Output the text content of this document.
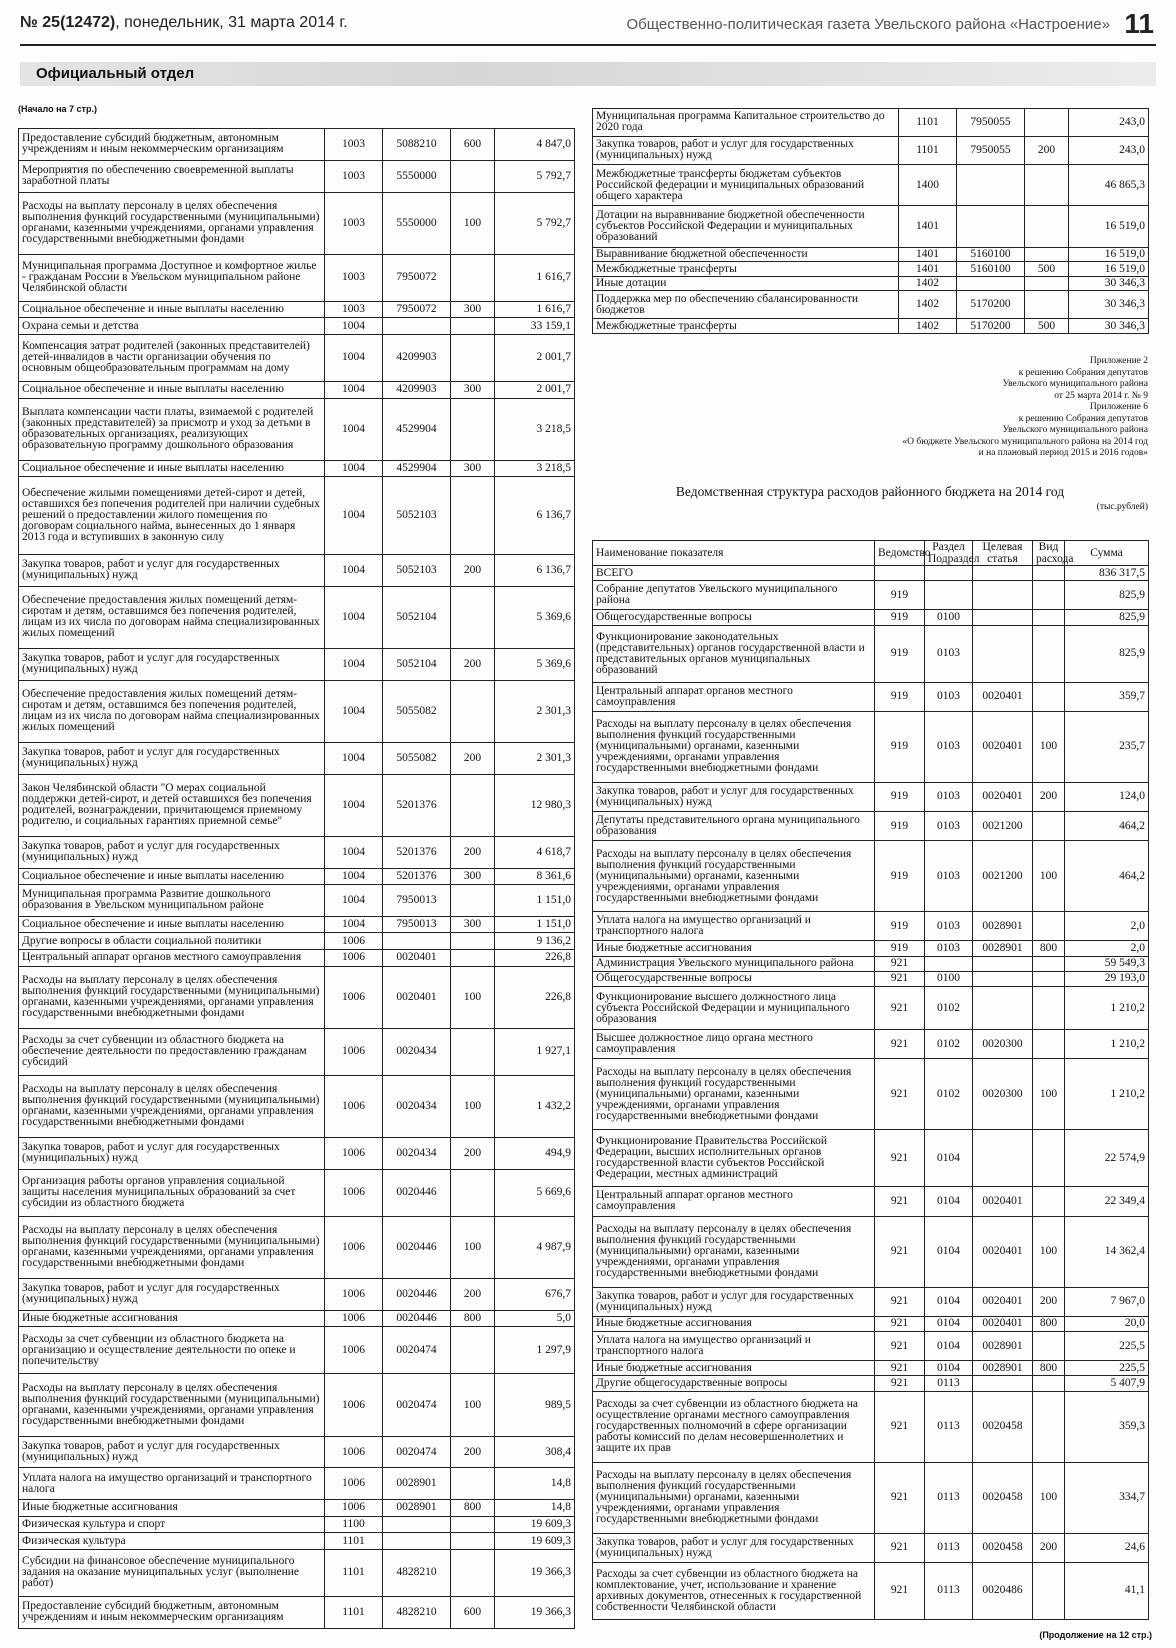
№ 25(12472), понедельник, 31 марта 2014 г.	Общественно-политическая газета Увельского района «Настроение» 11
Официальный отдел
(Начало на 7 стр.)
Предоставление субсидий бюджетным, автономным учреждениям и иным некоммерческим организациям	1003	5088210	600	4 847,0
Мероприятия по обеспечению своевременной выплаты заработной платы	1003	5550000		5 792,7
Расходы на выплату персоналу в целях обеспечения выполнения функций государственными (муниципальными) органами, казенными учреждениями, органами управления государственными внебюджетными фондами	1003	5550000	100	5 792,7
Муниципальная программа Доступное и комфортное жилье - гражданам России в Увельском муниципальном районе Челябинской области	1003	7950072		1 616,7
Социальное обеспечение и иные выплаты населению	1003	7950072	300	1 616,7
Охрана семьи и детства	1004			33 159,1
Компенсация затрат родителей (законных представителей) детей-инвалидов в части организации обучения по основным общеобразовательным программам на дому	1004	4209903		2 001,7
Социальное обеспечение и иные выплаты населению	1004	4209903	300	2 001,7
Выплата компенсации части платы, взимаемой с родителей (законных представителей) за присмотр и уход за детьми в образовательных организациях, реализующих образовательную программу дошкольного образования	1004	4529904		3 218,5
Социальное обеспечение и иные выплаты населению	1004	4529904	300	3 218,5
Обеспечение жилыми помещениями детей-сирот и детей, оставшихся без попечения родителей при наличии судебных решений о предоставлении жилого помещения по договорам социального найма, вынесенных до 1 января 2013 года и вступивших в законную силу	1004	5052103		6 136,7
Закупка товаров, работ и услуг для государственных (муниципальных) нужд	1004	5052103	200	6 136,7
Обеспечение предоставления жилых помещений детям-сиротам и детям, оставшимся без попечения родителей, лицам из их числа по договорам найма специализированных жилых помещений	1004	5052104		5 369,6
Закупка товаров, работ и услуг для государственных (муниципальных) нужд	1004	5052104	200	5 369,6
Обеспечение предоставления жилых помещений детям-сиротам и детям, оставшимся без попечения родителей, лицам из их числа по договорам найма специализированных жилых помещений	1004	5055082		2 301,3
Закупка товаров, работ и услуг для государственных (муниципальных) нужд	1004	5055082	200	2 301,3
Закон Челябинской области "О мерах социальной поддержки детей-сирот, и детей оставшихся без попечения родителей, вознаграждении, причитающемся приемному родителю, и социальных гарантиях приемной семье"	1004	5201376		12 980,3
Закупка товаров, работ и услуг для государственных (муниципальных) нужд	1004	5201376	200	4 618,7
Социальное обеспечение и иные выплаты населению	1004	5201376	300	8 361,6
Муниципальная программа Развитие дошкольного образования в Увельском муниципальном районе	1004	7950013		1 151,0
Социальное обеспечение и иные выплаты населению	1004	7950013	300	1 151,0
Другие вопросы в области социальной политики	1006			9 136,2
Центральный аппарат органов местного самоуправления	1006	0020401		226,8
Расходы на выплату персоналу в целях обеспечения выполнения функций государственными (муниципальными) органами, казенными учреждениями, органами управления государственными внебюджетными фондами	1006	0020401	100	226,8
Расходы за счет субвенции из областного бюджета на обеспечение деятельности по предоставлению гражданам субсидий	1006	0020434		1 927,1
Расходы на выплату персоналу в целях обеспечения выполнения функций государственными (муниципальными) органами, казенными учреждениями, органами управления государственными внебюджетными фондами	1006	0020434	100	1 432,2
Закупка товаров, работ и услуг для государственных (муниципальных) нужд	1006	0020434	200	494,9
Организация работы органов управления социальной защиты населения муниципальных образований за счет субсидии из областного бюджета	1006	0020446		5 669,6
Расходы на выплату персоналу в целях обеспечения выполнения функций государственными (муниципальными) органами, казенными учреждениями, органами управления государственными внебюджетными фондами	1006	0020446	100	4 987,9
Закупка товаров, работ и услуг для государственных (муниципальных) нужд	1006	0020446	200	676,7
Иные бюджетные ассигнования	1006	0020446	800	5,0
Расходы за счет субвенции из областного бюджета на организацию и осуществление деятельности по опеке и попечительству	1006	0020474		1 297,9
Расходы на выплату персоналу в целях обеспечения выполнения функций государственными (муниципальными) органами, казенными учреждениями, органами управления государственными внебюджетными фондами	1006	0020474	100	989,5
Закупка товаров, работ и услуг для государственных (муниципальных) нужд	1006	0020474	200	308,4
Уплата налога на имущество организаций и транспортного налога	1006	0028901		14,8
Иные бюджетные ассигнования	1006	0028901	800	14,8
Физическая культура и спорт	1100			19 609,3
Физическая культура	1101			19 609,3
Субсидии на финансовое обеспечение муниципального задания на оказание муниципальных услуг (выполнение работ)	1101	4828210		19 366,3
Предоставление субсидий бюджетным, автономным учреждениям и иным некоммерческим организациям	1101	4828210	600	19 366,3
Муниципальная программа Капитальное строительство до 2020 года	1101	7950055		243,0
Закупка товаров, работ и услуг для государственных (муниципальных) нужд	1101	7950055	200	243,0
Межбюджетные трансферты бюджетам субъектов Российской федерации и муниципальных образований общего характера	1400			46 865,3
Дотации на выравнивание бюджетной обеспеченности субъектов Российской Федерации и муниципальных образований	1401			16 519,0
Выравнивание бюджетной обеспеченности	1401	5160100		16 519,0
Межбюджетные трансферты	1401	5160100	500	16 519,0
Иные дотации	1402			30 346,3
Поддержка мер по обеспечению сбалансированности бюджетов	1402	5170200		30 346,3
Межбюджетные трансферты	1402	5170200	500	30 346,3
Приложение 2
к решению Собрания депутатов
Увельского муниципального района
от 25 марта 2014 г. № 9
Приложение 6
к решению Собрания депутатов
Увельского муниципального района
«О бюджете Увельского муниципального района на 2014 год
и на плановый период 2015 и 2016 годов»
Ведомственная структура расходов районного бюджета на 2014 год
(тыс.рублей)
Наименование показателя	Ведомство	Раздел Подраздел	Целевая статья	Вид расхода	Сумма
ВСЕГО					836 317,5
Собрание депутатов Увельского муниципального района	919				825,9
Общегосударственные вопросы	919	0100			825,9
Функционирование законодательных (представительных) органов государственной власти и представительных органов муниципальных образований	919	0103			825,9
Центральный аппарат органов местного самоуправления	919	0103	0020401		359,7
Расходы на выплату персоналу в целях обеспечения выполнения функций государственными (муниципальными) органами, казенными учреждениями, органами управления государственными внебюджетными фондами	919	0103	0020401	100	235,7
Закупка товаров, работ и услуг для государственных (муниципальных) нужд	919	0103	0020401	200	124,0
Депутаты представительного органа муниципального образования	919	0103	0021200		464,2
Расходы на выплату персоналу в целях обеспечения выполнения функций государственными (муниципальными) органами, казенными учреждениями, органами управления государственными внебюджетными фондами	919	0103	0021200	100	464,2
Уплата налога на имущество организаций и транспортного налога	919	0103	0028901		2,0
Иные бюджетные ассигнования	919	0103	0028901	800	2,0
Администрация Увельского муниципального района	921				59 549,3
Общегосударственные вопросы	921	0100			29 193,0
Функционирование высшего должностного лица субъекта Российской Федерации и муниципального образования	921	0102			1 210,2
Высшее должностное лицо органа местного самоуправления	921	0102	0020300		1 210,2
Расходы на выплату персоналу в целях обеспечения выполнения функций государственными (муниципальными) органами, казенными учреждениями, органами управления государственными внебюджетными фондами	921	0102	0020300	100	1 210,2
Функционирование Правительства Российской Федерации, высших исполнительных органов государственной власти субъектов Российской Федерации, местных администраций	921	0104			22 574,9
Центральный аппарат органов местного самоуправления	921	0104	0020401		22 349,4
Расходы на выплату персоналу в целях обеспечения выполнения функций государственными (муниципальными) органами, казенными учреждениями, органами управления государственными внебюджетными фондами	921	0104	0020401	100	14 362,4
Закупка товаров, работ и услуг для государственных (муниципальных) нужд	921	0104	0020401	200	7 967,0
Иные бюджетные ассигнования	921	0104	0020401	800	20,0
Уплата налога на имущество организаций и транспортного налога	921	0104	0028901		225,5
Иные бюджетные ассигнования	921	0104	0028901	800	225,5
Другие общегосударственные вопросы	921	0113			5 407,9
Расходы за счет субвенции из областного бюджета на осуществление органами местного самоуправления государственных полномочий в сфере организации работы комиссий по делам несовершеннолетних и защите их прав	921	0113	0020458		359,3
Расходы на выплату персоналу в целях обеспечения выполнения функций государственными (муниципальными) органами, казенными учреждениями, органами управления государственными внебюджетными фондами	921	0113	0020458	100	334,7
Закупка товаров, работ и услуг для государственных (муниципальных) нужд	921	0113	0020458	200	24,6
Расходы за счет субвенции из областного бюджета на комплектование, учет, использование и хранение архивных документов, отнесенных к государственной собственности Челябинской области	921	0113	0020486		41,1
(Продолжение на 12 стр.)
